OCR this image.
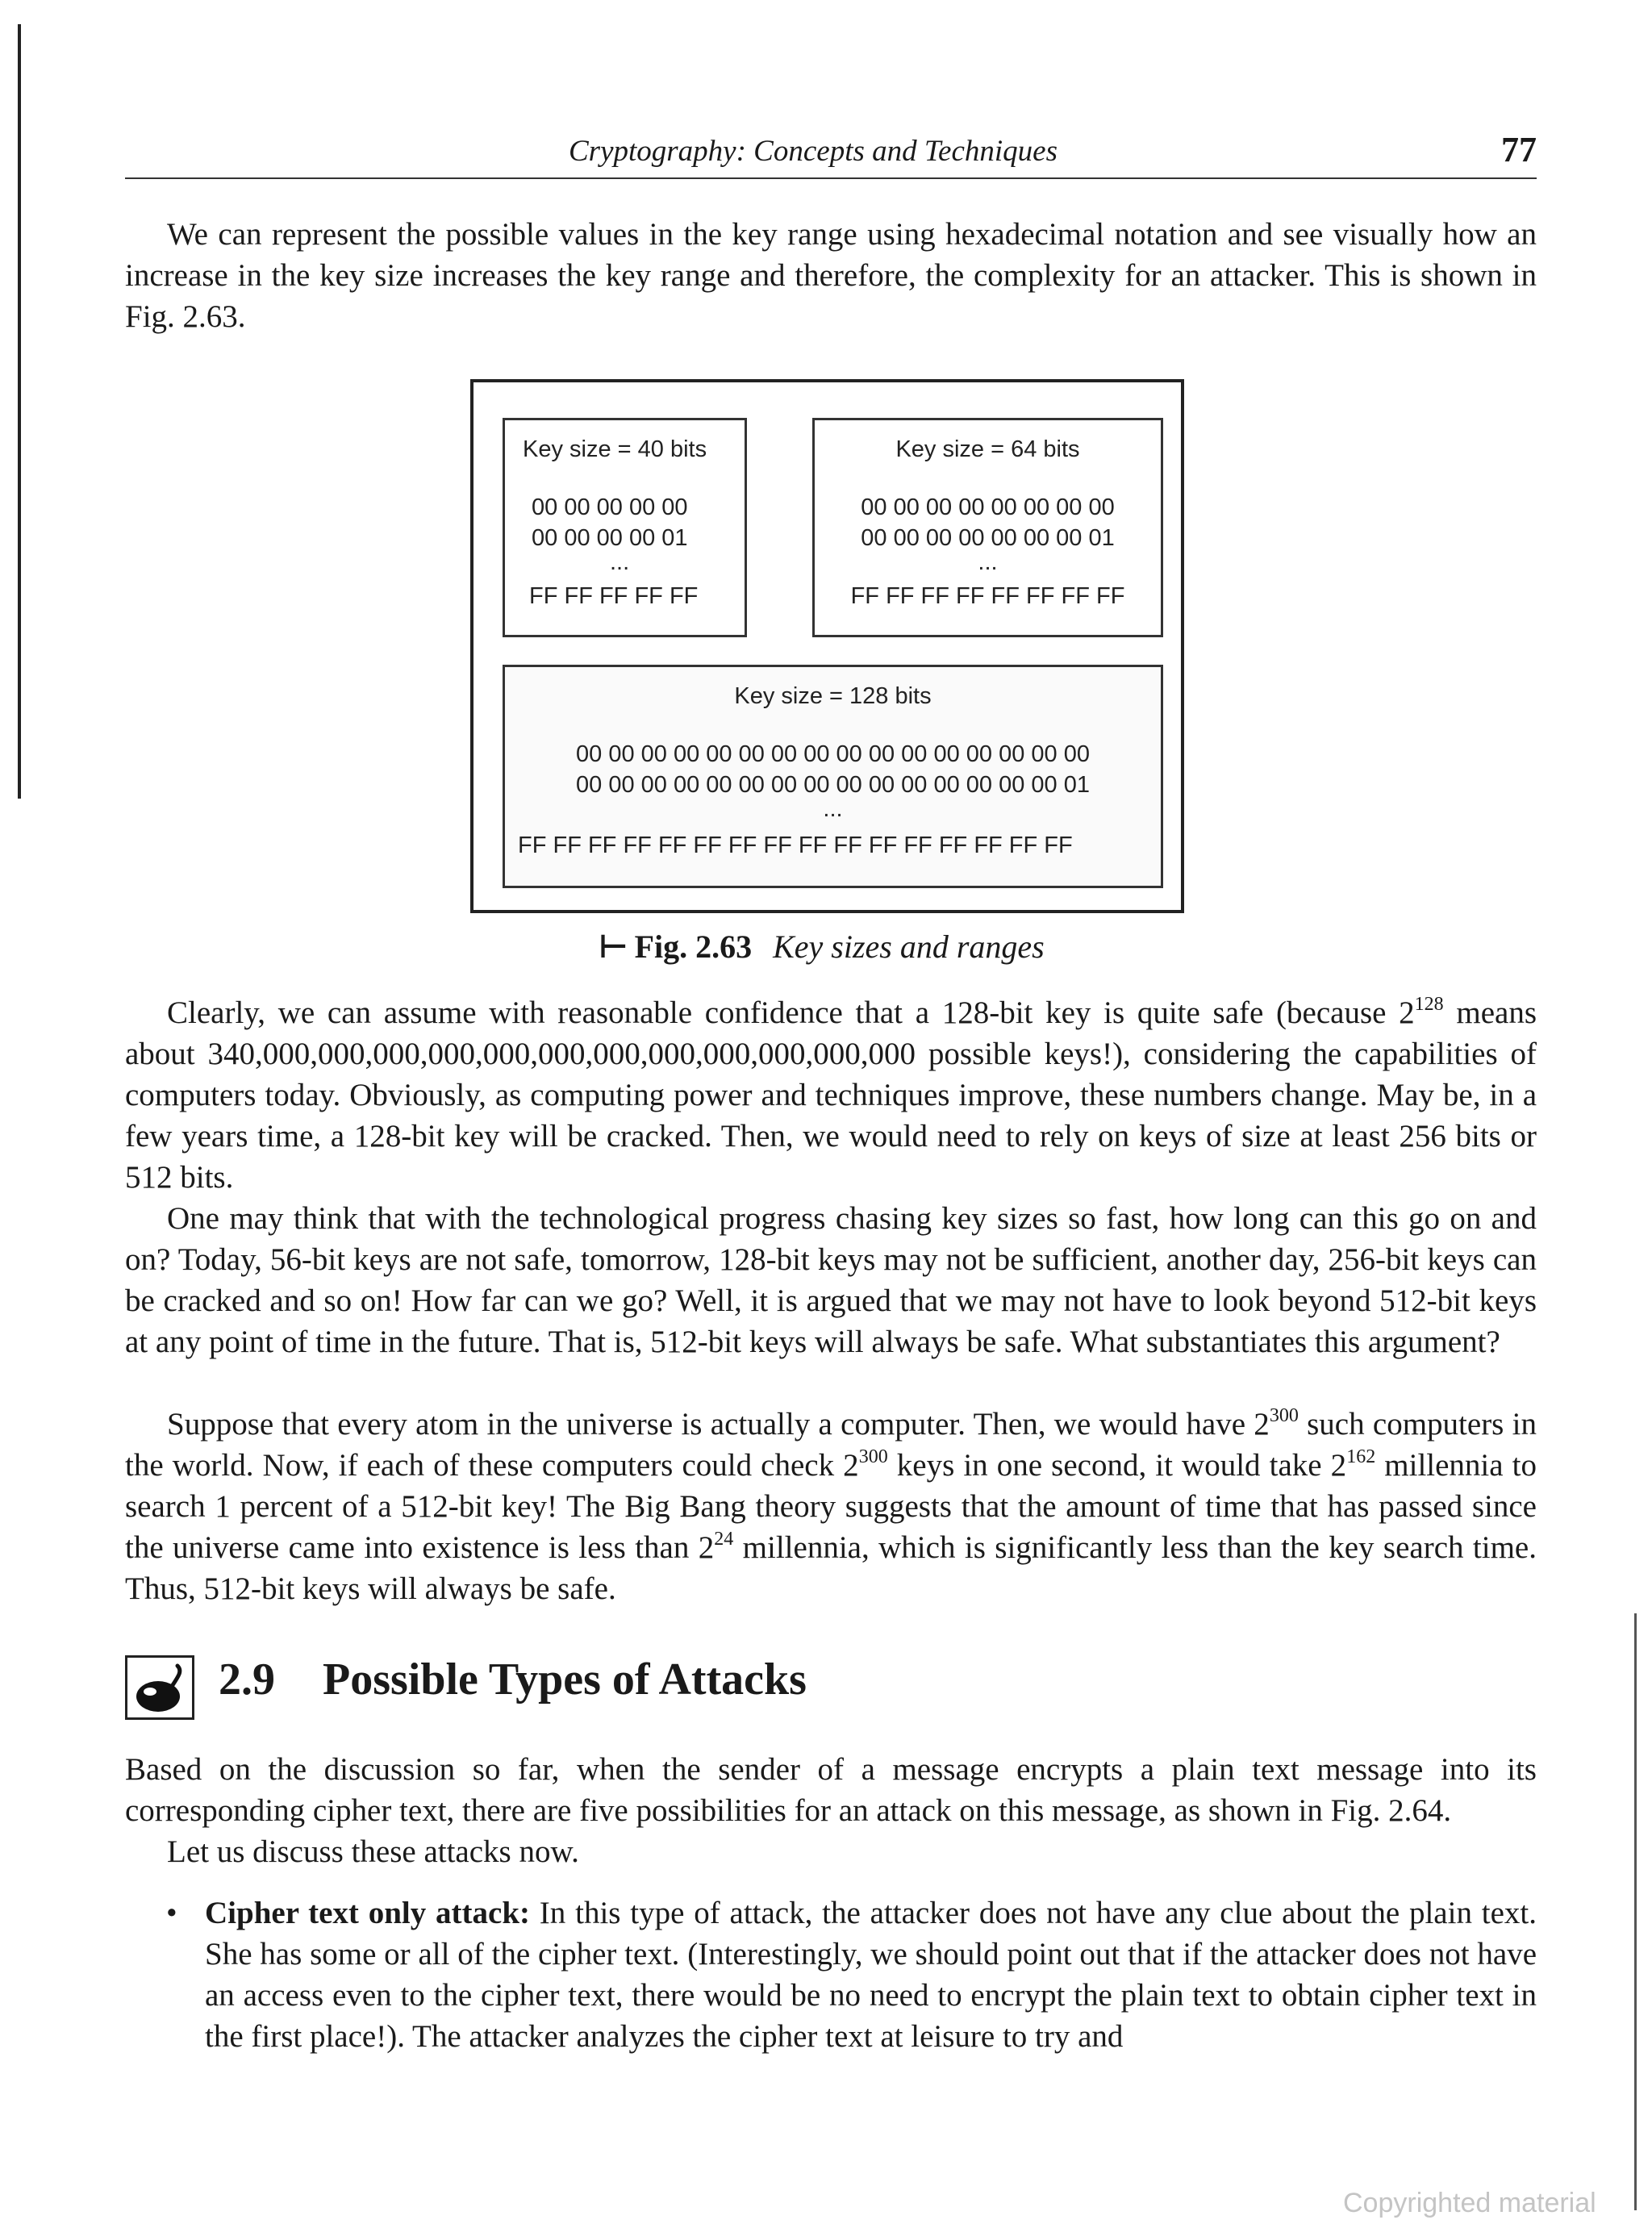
Cryptography: Concepts and Techniques	77

We can represent the possible values in the key range using hexadecimal notation and see visually how an increase in the key size increases the key range and therefore, the complexity for an attacker. This is shown in Fig. 2.63.

Key size = 40 bits
00 00 00 00 00
00 00 00 00 01
...
FF FF FF FF FF
Key size = 64 bits
00 00 00 00 00 00 00 00
00 00 00 00 00 00 00 01
...
FF FF FF FF FF FF FF FF
Key size = 128 bits
00 00 00 00 00 00 00 00 00 00 00 00 00 00 00 00
00 00 00 00 00 00 00 00 00 00 00 00 00 00 00 01
...
FF FF FF FF FF FF FF FF FF FF FF FF FF FF FF FF
⊢ Fig. 2.63 Key sizes and ranges

Clearly, we can assume with reasonable confidence that a 128-bit key is quite safe (because $2^{128}$ means about 340,000,000,000,000,000,000,000,000,000,000,000,000 possible keys!), considering the capabilities of computers today. Obviously, as computing power and techniques improve, these numbers change. May be, in a few years time, a 128-bit key will be cracked. Then, we would need to rely on keys of size at least 256 bits or 512 bits.

One may think that with the technological progress chasing key sizes so fast, how long can this go on and on? Today, 56-bit keys are not safe, tomorrow, 128-bit keys may not be sufficient, another day, 256-bit keys can be cracked and so on! How far can we go? Well, it is argued that we may not have to look beyond 512-bit keys at any point of time in the future. That is, 512-bit keys will always be safe. What substantiates this argument?

Suppose that every atom in the universe is actually a computer. Then, we would have $2^{300}$ such computers in the world. Now, if each of these computers could check $2^{300}$ keys in one second, it would take $2^{162}$ millennia to search 1 percent of a 512-bit key! The Big Bang theory suggests that the amount of time that has passed since the universe came into existence is less than $2^{24}$ millennia, which is significantly less than the key search time. Thus, 512-bit keys will always be safe.

2.9 Possible Types of Attacks

Based on the discussion so far, when the sender of a message encrypts a plain text message into its corresponding cipher text, there are five possibilities for an attack on this message, as shown in Fig. 2.64.

Let us discuss these attacks now.

• Cipher text only attack: In this type of attack, the attacker does not have any clue about the plain text. She has some or all of the cipher text. (Interestingly, we should point out that if the attacker does not have an access even to the cipher text, there would be no need to encrypt the plain text to obtain cipher text in the first place!). The attacker analyzes the cipher text at leisure to try and
Copyrighted material
